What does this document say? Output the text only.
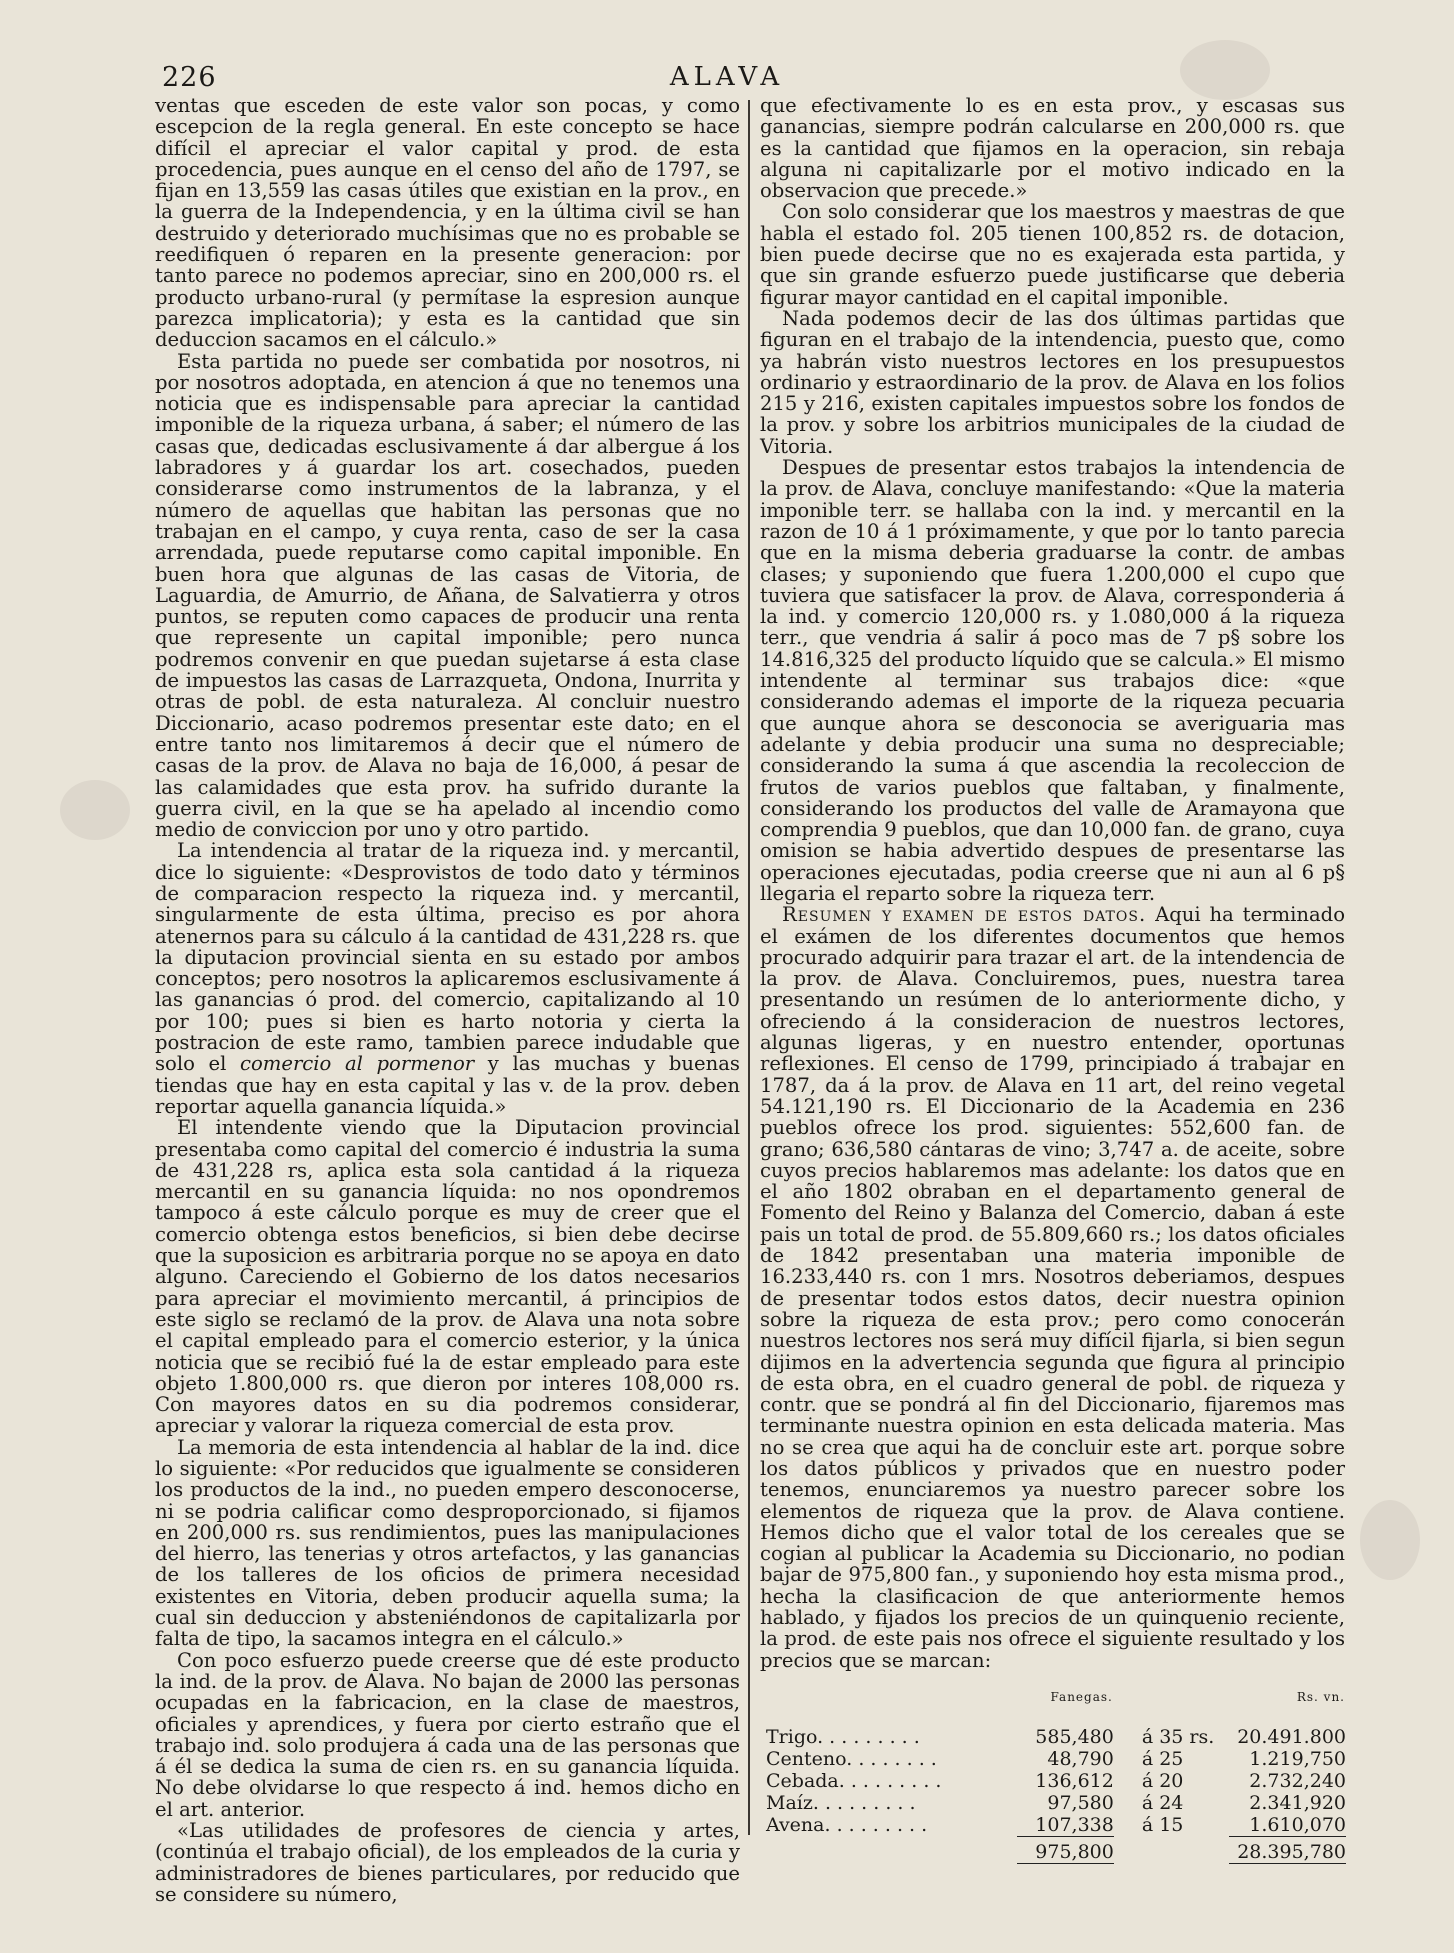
226	ALAVA

ventas que esceden de este valor son pocas, y como escepcion de la regla general. En este concepto se hace difícil el apreciar el valor capital y prod. de esta procedencia, pues aunque en el censo del año de 1797, se fijan en 13,559 las casas útiles que existian en la prov., en la guerra de la Independencia, y en la última civil se han destruido y deteriorado muchísimas que no es probable se reedifiquen ó reparen en la presente generacion: por tanto parece no podemos apreciar, sino en 200,000 rs. el producto urbano-rural (y permítase la espresion aunque parezca implicatoria); y esta es la cantidad que sin deduccion sacamos en el cálculo.»

Esta partida no puede ser combatida por nosotros, ni por nosotros adoptada, en atencion á que no tenemos una noticia que es indispensable para apreciar la cantidad imponible de la riqueza urbana, á saber; el número de las casas que, dedicadas esclusivamente á dar albergue á los labradores y á guardar los art. cosechados, pueden considerarse como instrumentos de la labranza, y el número de aquellas que habitan las personas que no trabajan en el campo, y cuya renta, caso de ser la casa arrendada, puede reputarse como capital imponible. En buen hora que algunas de las casas de Vitoria, de Laguardia, de Amurrio, de Añana, de Salvatierra y otros puntos, se reputen como capaces de producir una renta que represente un capital imponible; pero nunca podremos convenir en que puedan sujetarse á esta clase de impuestos las casas de Larrazqueta, Ondona, Inurrita y otras de pobl. de esta naturaleza. Al concluir nuestro Diccionario, acaso podremos presentar este dato; en el entre tanto nos limitaremos á decir que el número de casas de la prov. de Alava no baja de 16,000, á pesar de las calamidades que esta prov. ha sufrido durante la guerra civil, en la que se ha apelado al incendio como medio de conviccion por uno y otro partido.

La intendencia al tratar de la riqueza ind. y mercantil, dice lo siguiente: «Desprovistos de todo dato y términos de comparacion respecto la riqueza ind. y mercantil, singularmente de esta última, preciso es por ahora atenernos para su cálculo á la cantidad de 431,228 rs. que la diputacion provincial sienta en su estado por ambos conceptos; pero nosotros la aplicaremos esclusivamente á las ganancias ó prod. del comercio, capitalizando al 10 por 100; pues si bien es harto notoria y cierta la postracion de este ramo, tambien parece indudable que solo el comercio al pormenor y las muchas y buenas tiendas que hay en esta capital y las v. de la prov. deben reportar aquella ganancia líquida.»

El intendente viendo que la Diputacion provincial presentaba como capital del comercio é industria la suma de 431,228 rs, aplica esta sola cantidad á la riqueza mercantil en su ganancia líquida: no nos opondremos tampoco á este cálculo porque es muy de creer que el comercio obtenga estos beneficios, si bien debe decirse que la suposicion es arbitraria porque no se apoya en dato alguno. Careciendo el Gobierno de los datos necesarios para apreciar el movimiento mercantil, á principios de este siglo se reclamó de la prov. de Alava una nota sobre el capital empleado para el comercio esterior, y la única noticia que se recibió fué la de estar empleado para este objeto 1.800,000 rs. que dieron por interes 108,000 rs. Con mayores datos en su dia podremos considerar, apreciar y valorar la riqueza comercial de esta prov.

La memoria de esta intendencia al hablar de la ind. dice lo siguiente: «Por reducidos que igualmente se consideren los productos de la ind., no pueden empero desconocerse, ni se podria calificar como desproporcionado, si fijamos en 200,000 rs. sus rendimientos, pues las manipulaciones del hierro, las tenerias y otros artefactos, y las ganancias de los talleres de los oficios de primera necesidad existentes en Vitoria, deben producir aquella suma; la cual sin deduccion y absteniéndonos de capitalizarla por falta de tipo, la sacamos integra en el cálculo.»

Con poco esfuerzo puede creerse que dé este producto la ind. de la prov. de Alava. No bajan de 2000 las personas ocupadas en la fabricacion, en la clase de maestros, oficiales y aprendices, y fuera por cierto estraño que el trabajo ind. solo produjera á cada una de las personas que á él se dedica la suma de cien rs. en su ganancia líquida. No debe olvidarse lo que respecto á ind. hemos dicho en el art. anterior.

«Las utilidades de profesores de ciencia y artes, (continúa el trabajo oficial), de los empleados de la curia y administradores de bienes particulares, por reducido que se considere su número,

que efectivamente lo es en esta prov., y escasas sus ganancias, siempre podrán calcularse en 200,000 rs. que es la cantidad que fijamos en la operacion, sin rebaja alguna ni capitalizarle por el motivo indicado en la observacion que precede.»

Con solo considerar que los maestros y maestras de que habla el estado fol. 205 tienen 100,852 rs. de dotacion, bien puede decirse que no es exajerada esta partida, y que sin grande esfuerzo puede justificarse que deberia figurar mayor cantidad en el capital imponible.

Nada podemos decir de las dos últimas partidas que figuran en el trabajo de la intendencia, puesto que, como ya habrán visto nuestros lectores en los presupuestos ordinario y estraordinario de la prov. de Alava en los folios 215 y 216, existen capitales impuestos sobre los fondos de la prov. y sobre los arbitrios municipales de la ciudad de Vitoria.

Despues de presentar estos trabajos la intendencia de la prov. de Alava, concluye manifestando: «Que la materia imponible terr. se hallaba con la ind. y mercantil en la razon de 10 á 1 próximamente, y que por lo tanto parecia que en la misma deberia graduarse la contr. de ambas clases; y suponiendo que fuera 1.200,000 el cupo que tuviera que satisfacer la prov. de Alava, corresponderia á la ind. y comercio 120,000 rs. y 1.080,000 á la riqueza terr., que vendria á salir á poco mas de 7 p§ sobre los 14.816,325 del producto líquido que se calcula.» El mismo intendente al terminar sus trabajos dice: «que considerando ademas el importe de la riqueza pecuaria que aunque ahora se desconocia se averiguaria mas adelante y debia producir una suma no despreciable; considerando la suma á que ascendia la recoleccion de frutos de varios pueblos que faltaban, y finalmente, considerando los productos del valle de Aramayona que comprendia 9 pueblos, que dan 10,000 fan. de grano, cuya omision se habia advertido despues de presentarse las operaciones ejecutadas, podia creerse que ni aun al 6 p§ llegaria el reparto sobre la riqueza terr.

Resumen y examen de estos datos. Aqui ha terminado el exámen de los diferentes documentos que hemos procurado adquirir para trazar el art. de la intendencia de la prov. de Alava. Concluiremos, pues, nuestra tarea presentando un resúmen de lo anteriormente dicho, y ofreciendo á la consideracion de nuestros lectores, algunas ligeras, y en nuestro entender, oportunas reflexiones. El censo de 1799, principiado á trabajar en 1787, da á la prov. de Alava en 11 art, del reino vegetal 54.121,190 rs. El Diccionario de la Academia en 236 pueblos ofrece los prod. siguientes: 552,600 fan. de grano; 636,580 cántaras de vino; 3,747 a. de aceite, sobre cuyos precios hablaremos mas adelante: los datos que en el año 1802 obraban en el departamento general de Fomento del Reino y Balanza del Comercio, daban á este pais un total de prod. de 55.809,660 rs.; los datos oficiales de 1842 presentaban una materia imponible de 16.233,440 rs. con 1 mrs. Nosotros deberiamos, despues de presentar todos estos datos, decir nuestra opinion sobre la riqueza de esta prov.; pero como conocerán nuestros lectores nos será muy difícil fijarla, si bien segun dijimos en la advertencia segunda que figura al principio de esta obra, en el cuadro general de pobl. de riqueza y contr. que se pondrá al fin del Diccionario, fijaremos mas terminante nuestra opinion en esta delicada materia. Mas no se crea que aqui ha de concluir este art. porque sobre los datos públicos y privados que en nuestro poder tenemos, enunciaremos ya nuestro parecer sobre los elementos de riqueza que la prov. de Alava contiene. Hemos dicho que el valor total de los cereales que se cogian al publicar la Academia su Diccionario, no podian bajar de 975,800 fan., y suponiendo hoy esta misma prod., hecha la clasificacion de que anteriormente hemos hablado, y fijados los precios de un quinquenio reciente, la prod. de este pais nos ofrece el siguiente resultado y los precios que se marcan:

	Fanegas.		Rs. vn.
Trigo. . . . . . . . .	585,480	á 35 rs.	20.491.800
Centeno. . . . . . . .	48,790	á 25	1.219,750
Cebada. . . . . . . . .	136,612	á 20	2.732,240
Maíz. . . . . . . . .	97,580	á 24	2.341,920
Avena. . . . . . . . .	107,338	á 15	1.610,070
	975,800		28.395,780
